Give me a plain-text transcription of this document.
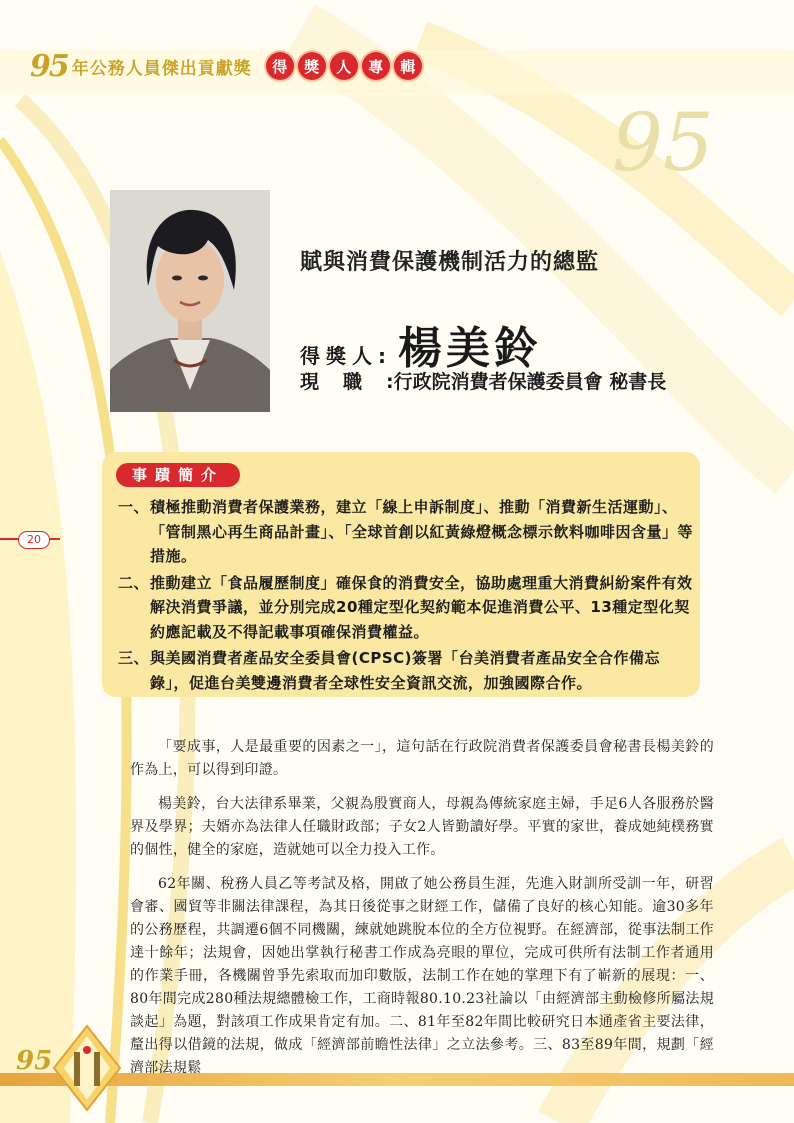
95 年公務人員傑出貢獻獎	得	獎	人	專	輯
95
賦與消費保護機制活力的總監
得獎人: 楊美鈴
現職:行政院消費者保護委員會 秘書長
事蹟簡介
一、 積極推動消費者保護業務，建立「線上申訴制度」、推動「消費新生活運動」、「管制黑心再生商品計畫」、「全球首創以紅黃綠燈概念標示飲料咖啡因含量」等措施。
二、 推動建立「食品履歷制度」確保食的消費安全，協助處理重大消費糾紛案件有效解決消費爭議，並分別完成20種定型化契約範本促進消費公平、13種定型化契約應記載及不得記載事項確保消費權益。
三、 與美國消費者產品安全委員會(CPSC)簽署「台美消費者產品安全合作備忘錄」，促進台美雙邊消費者全球性安全資訊交流，加強國際合作。
20

「要成事，人是最重要的因素之一」，這句話在行政院消費者保護委員會秘書長楊美鈴的作為上，可以得到印證。

楊美鈴，台大法律系畢業，父親為殷實商人，母親為傳統家庭主婦，手足6人各服務於醫界及學界；夫婿亦為法律人任職財政部；子女2人皆勤讀好學。平實的家世，養成她純樸務實的個性，健全的家庭，造就她可以全力投入工作。

62年關、稅務人員乙等考試及格，開啟了她公務員生涯，先進入財訓所受訓一年，研習會審、國貿等非關法律課程，為其日後從事之財經工作，儲備了良好的核心知能。逾30多年的公務歷程，共調遷6個不同機關，練就她跳脫本位的全方位視野。在經濟部，從事法制工作達十餘年；法規會，因她出掌執行秘書工作成為亮眼的單位，完成可供所有法制工作者通用的作業手冊，各機關曾爭先索取而加印數版，法制工作在她的掌理下有了嶄新的展現：一、80年間完成280種法規總體檢工作，工商時報80.10.23社論以「由經濟部主動檢修所屬法規談起」為題，對該項工作成果肯定有加。二、81年至82年間比較研究日本通產省主要法律，釐出得以借鏡的法規，做成「經濟部前瞻性法律」之立法參考。三、83至89年間，規劃「經濟部法規鬆

95
